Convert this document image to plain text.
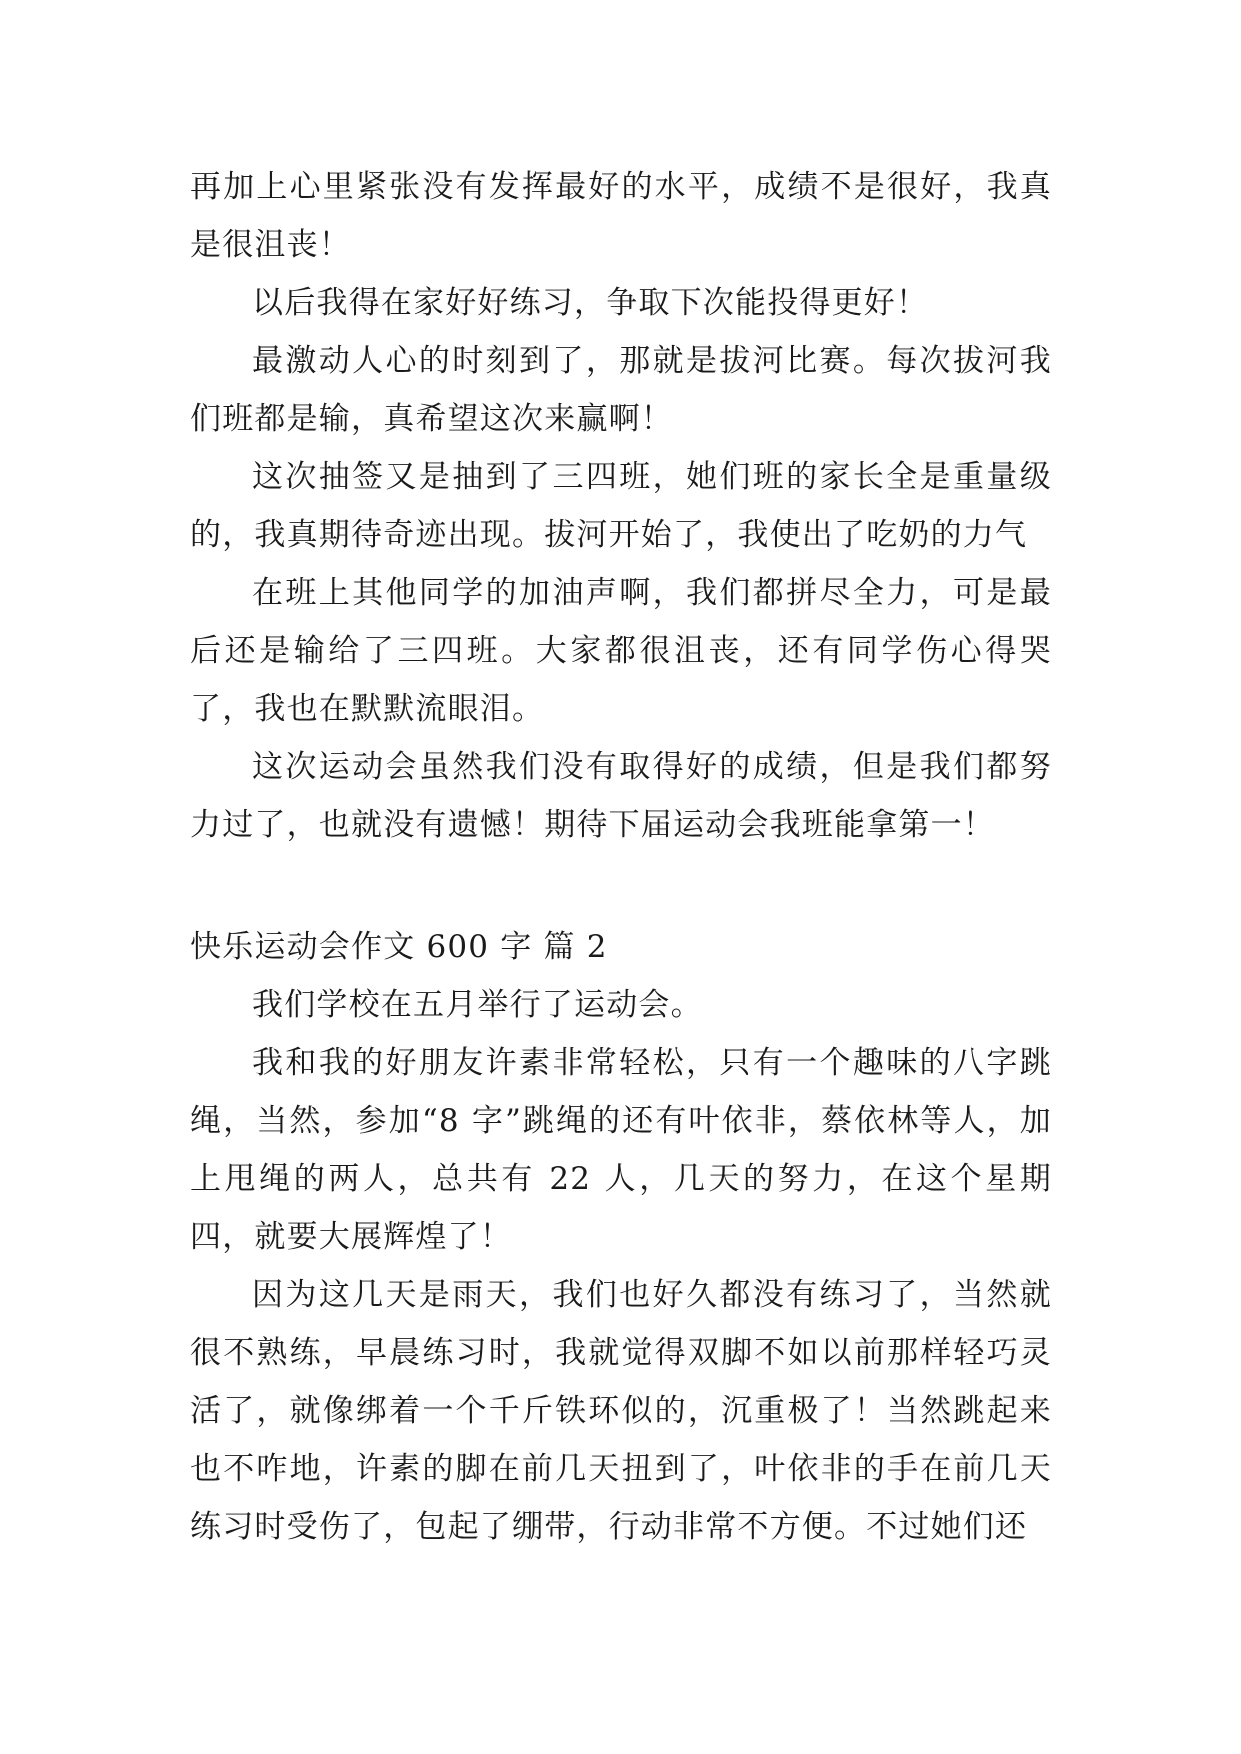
再加上心里紧张没有发挥最好的水平，成绩不是很好，我真是很沮丧！

以后我得在家好好练习，争取下次能投得更好！

最激动人心的时刻到了，那就是拔河比赛。每次拔河我们班都是输，真希望这次来赢啊！

这次抽签又是抽到了三四班，她们班的家长全是重量级的，我真期待奇迹出现。拔河开始了，我使出了吃奶的力气

在班上其他同学的加油声啊，我们都拼尽全力，可是最后还是输给了三四班。大家都很沮丧，还有同学伤心得哭了，我也在默默流眼泪。

这次运动会虽然我们没有取得好的成绩，但是我们都努力过了，也就没有遗憾！期待下届运动会我班能拿第一！

快乐运动会作文 600 字 篇 2

我们学校在五月举行了运动会。

我和我的好朋友许素非常轻松，只有一个趣味的八字跳绳，当然，参加“8 字”跳绳的还有叶依非，蔡依林等人，加上甩绳的两人，总共有 22 人，几天的努力，在这个星期四，就要大展辉煌了！

因为这几天是雨天，我们也好久都没有练习了，当然就很不熟练，早晨练习时，我就觉得双脚不如以前那样轻巧灵活了，就像绑着一个千斤铁环似的，沉重极了！当然跳起来也不咋地，许素的脚在前几天扭到了，叶依非的手在前几天练习时受伤了，包起了绷带，行动非常不方便。不过她们还
